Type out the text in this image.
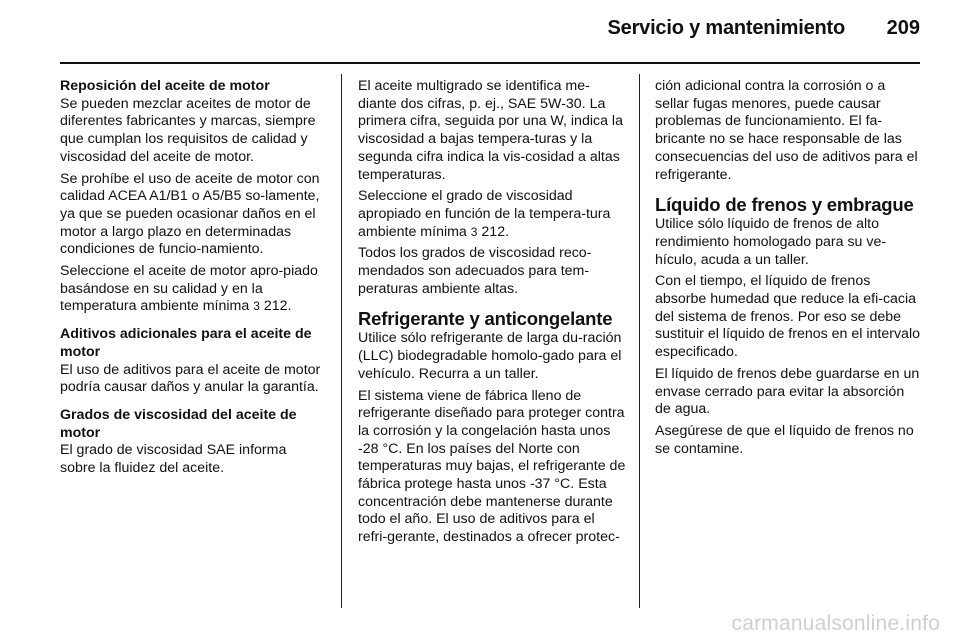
Servicio y mantenimiento	209
Reposición del aceite de motor

Se pueden mezclar aceites de motor de diferentes fabricantes y marcas, siempre que cumplan los requisitos de calidad y viscosidad del aceite de motor.

Se prohíbe el uso de aceite de motor con calidad ACEA A1/B1 o A5/B5 so-lamente, ya que se pueden ocasionar daños en el motor a largo plazo en determinadas condiciones de funcio-namiento.

Seleccione el aceite de motor apro-piado basándose en su calidad y en la temperatura ambiente mínima 3 212.

Aditivos adicionales para el aceite de motor

El uso de aditivos para el aceite de motor podría causar daños y anular la garantía.

Grados de viscosidad del aceite de motor

El grado de viscosidad SAE informa sobre la fluidez del aceite.

El aceite multigrado se identifica me-diante dos cifras, p. ej., SAE 5W-30. La primera cifra, seguida por una W, indica la viscosidad a bajas tempera-turas y la segunda cifra indica la vis-cosidad a altas temperaturas.

Seleccione el grado de viscosidad apropiado en función de la tempera-tura ambiente mínima 3 212.

Todos los grados de viscosidad reco-mendados son adecuados para tem-peraturas ambiente altas.

Refrigerante y anticongelante

Utilice sólo refrigerante de larga du-ración (LLC) biodegradable homolo-gado para el vehículo. Recurra a un taller.

El sistema viene de fábrica lleno de refrigerante diseñado para proteger contra la corrosión y la congelación hasta unos -28 °C. En los países del Norte con temperaturas muy bajas, el refrigerante de fábrica protege hasta unos -37 °C. Esta concentración debe mantenerse durante todo el año. El uso de aditivos para el refri-gerante, destinados a ofrecer protec-

ción adicional contra la corrosión o a sellar fugas menores, puede causar problemas de funcionamiento. El fa-bricante no se hace responsable de las consecuencias del uso de aditivos para el refrigerante.

Líquido de frenos y embrague

Utilice sólo líquido de frenos de alto rendimiento homologado para su ve-hículo, acuda a un taller.

Con el tiempo, el líquido de frenos absorbe humedad que reduce la efi-cacia del sistema de frenos. Por eso se debe sustituir el líquido de frenos en el intervalo especificado.

El líquido de frenos debe guardarse en un envase cerrado para evitar la absorción de agua.

Asegúrese de que el líquido de frenos no se contamine.

carmanualsonline.info
